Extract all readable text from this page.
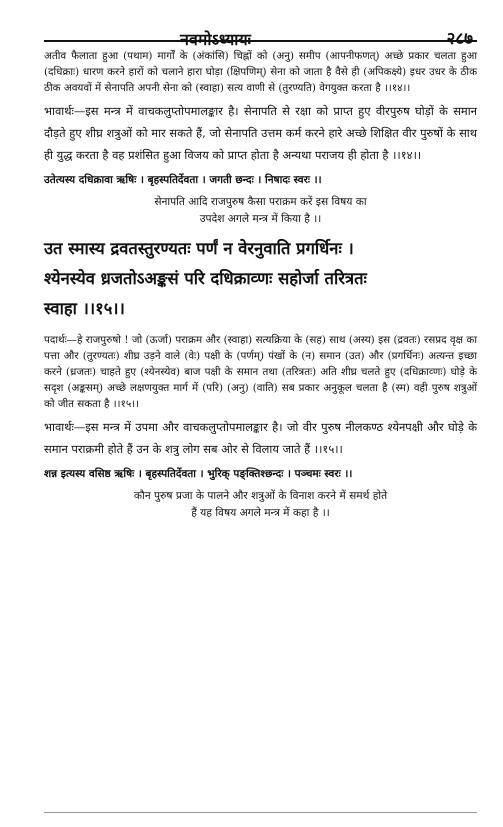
नवमोऽध्यायः	२८७

अतीव फैलाता हुआ (पथाम) मार्गों के (अंकांसि) चिह्नों को (अनु) समीप (आपनीफणत्) अच्छे प्रकार चलता हुआ (दधिक्राः) धारण करने हारों को चलाने हारा घोड़ा (क्षिपणिम्) सेना को जाता है वैसे ही (अपिकक्ष्ये) इधर उधर के ठीक ठीक अवयवों में सेनापति अपनी सेना को (स्वाहा) सत्य वाणी से (तुरण्यति) वेगयुक्त करता है ।।१४।।

भावार्थः—इस मन्त्र में वाचकलुप्तोपमालङ्कार है। सेनापति से रक्षा को प्राप्त हुए वीरपुरुष घोड़ों के समान दौड़ते हुए शीघ्र शत्रुओं को मार सकते हैं, जो सेनापति उत्तम कर्म करने हारे अच्छे शिक्षित वीर पुरुषों के साथ ही युद्ध करता है वह प्रशंसित हुआ विजय को प्राप्त होता है अन्यथा पराजय ही होता है ।।१४।।

उतेत्यस्य दधिक्रावा ऋषिः । बृहस्पतिर्देवता । जगती छन्दः । निषादः स्वरः ।।

सेनापति आदि राजपुरुष कैसा पराक्रम करें इस विषय का

उपदेश अगले मन्त्र में किया है ।।

उत स्मास्य द्रवतस्तुरण्यतः पर्णं न वेरनुवाति प्रगर्धिनः ।
श्येनस्येव ध्रजतोऽअङ्कसं परि दधिक्राव्णः सहोर्जा तरित्रतः
स्वाहा ।।१५।।

पदार्थः—हे राजपुरुषो ! जो (ऊर्जा) पराक्रम और (स्वाहा) सत्यक्रिया के (सह) साथ (अस्य) इस (द्रवतः) रसप्रद वृक्ष का पत्ता और (तुरण्यतः) शीघ्र उड़ने वाले (वेः) पक्षी के (पर्णम्) पंखों के (न) समान (उत) और (प्रगर्धिनः) अत्यन्त इच्छा करने (ध्रजतः) चाहते हुए (श्येनस्येव) बाज पक्षी के समान तथा (तरित्रतः) अति शीघ्र चलते हुए (दधिक्राव्णः) घोड़े के सदृश (अङ्कसम्) अच्छे लक्षणयुक्त मार्ग में (परि) (अनु) (वाति) सब प्रकार अनुकूल चलता है (स्म) वही पुरुष शत्रुओं को जीत सकता है ।।१५।।

भावार्थः—इस मन्त्र में उपमा और वाचकलुप्तोपमालङ्कार है। जो वीर पुरुष नीलकण्ठ श्येनपक्षी और घोड़े के समान पराक्रमी होते हैं उन के शत्रु लोग सब ओर से विलाय जाते हैं ।।१५।।

शन्न इत्यस्य वसिष्ठ ऋषिः । बृहस्पतिर्देवता । भुरिक् पङ्क्तिश्छन्दः । पञ्चमः स्वरः ।।

कौन पुरुष प्रजा के पालने और शत्रुओं के विनाश करने में समर्थ होते

हैं यह विषय अगले मन्त्र में कहा है ।।
